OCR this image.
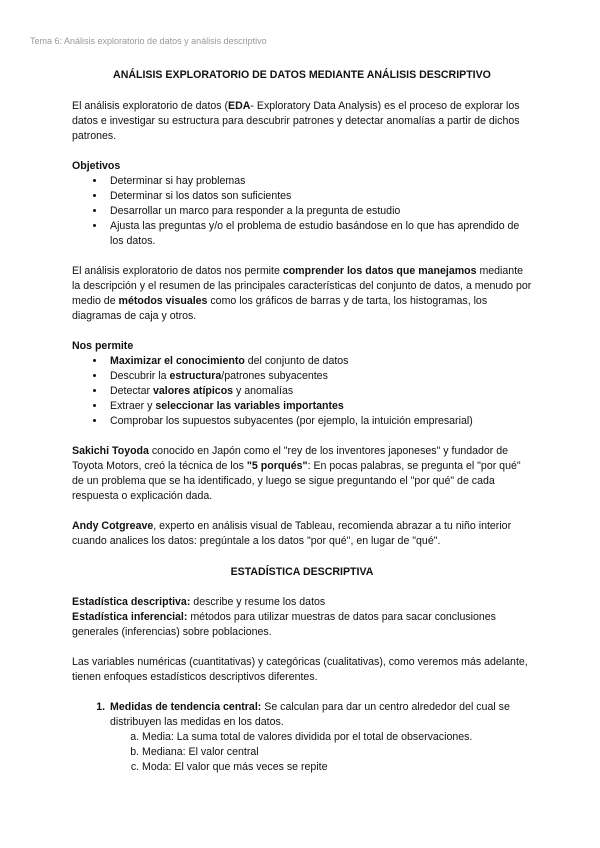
Tema 6: Análisis exploratorio de datos y análisis descriptivo
ANÁLISIS EXPLORATORIO DE DATOS MEDIANTE ANÁLISIS DESCRIPTIVO

El análisis exploratorio de datos (EDA- Exploratory Data Analysis) es el proceso de explorar los datos e investigar su estructura para descubrir patrones y detectar anomalías a partir de dichos patrones.

Objetivos
• Determinar si hay problemas
• Determinar si los datos son suficientes
• Desarrollar un marco para responder a la pregunta de estudio
• Ajusta las preguntas y/o el problema de estudio basándose en lo que has aprendido de los datos.

El análisis exploratorio de datos nos permite comprender los datos que manejamos mediante la descripción y el resumen de las principales características del conjunto de datos, a menudo por medio de métodos visuales como los gráficos de barras y de tarta, los histogramas, los diagramas de caja y otros.

Nos permite
• Maximizar el conocimiento del conjunto de datos
• Descubrir la estructura/patrones subyacentes
• Detectar valores atípicos y anomalías
• Extraer y seleccionar las variables importantes
• Comprobar los supuestos subyacentes (por ejemplo, la intuición empresarial)

Sakichi Toyoda conocido en Japón como el "rey de los inventores japoneses" y fundador de Toyota Motors, creó la técnica de los "5 porqués": En pocas palabras, se pregunta el "por qué" de un problema que se ha identificado, y luego se sigue preguntando el "por qué" de cada respuesta o explicación dada.

Andy Cotgreave, experto en análisis visual de Tableau, recomienda abrazar a tu niño interior cuando analices los datos: pregúntale a los datos "por qué", en lugar de "qué".

ESTADÍSTICA DESCRIPTIVA

Estadística descriptiva: describe y resume los datos

Estadística inferencial: métodos para utilizar muestras de datos para sacar conclusiones generales (inferencias) sobre poblaciones.

Las variables numéricas (cuantitativas) y categóricas (cualitativas), como veremos más adelante, tienen enfoques estadísticos descriptivos diferentes.

1. Medidas de tendencia central: Se calculan para dar un centro alrededor del cual se distribuyen las medidas en los datos.
a. Media: La suma total de valores dividida por el total de observaciones.
b. Mediana: El valor central
c. Moda: El valor que más veces se repite
